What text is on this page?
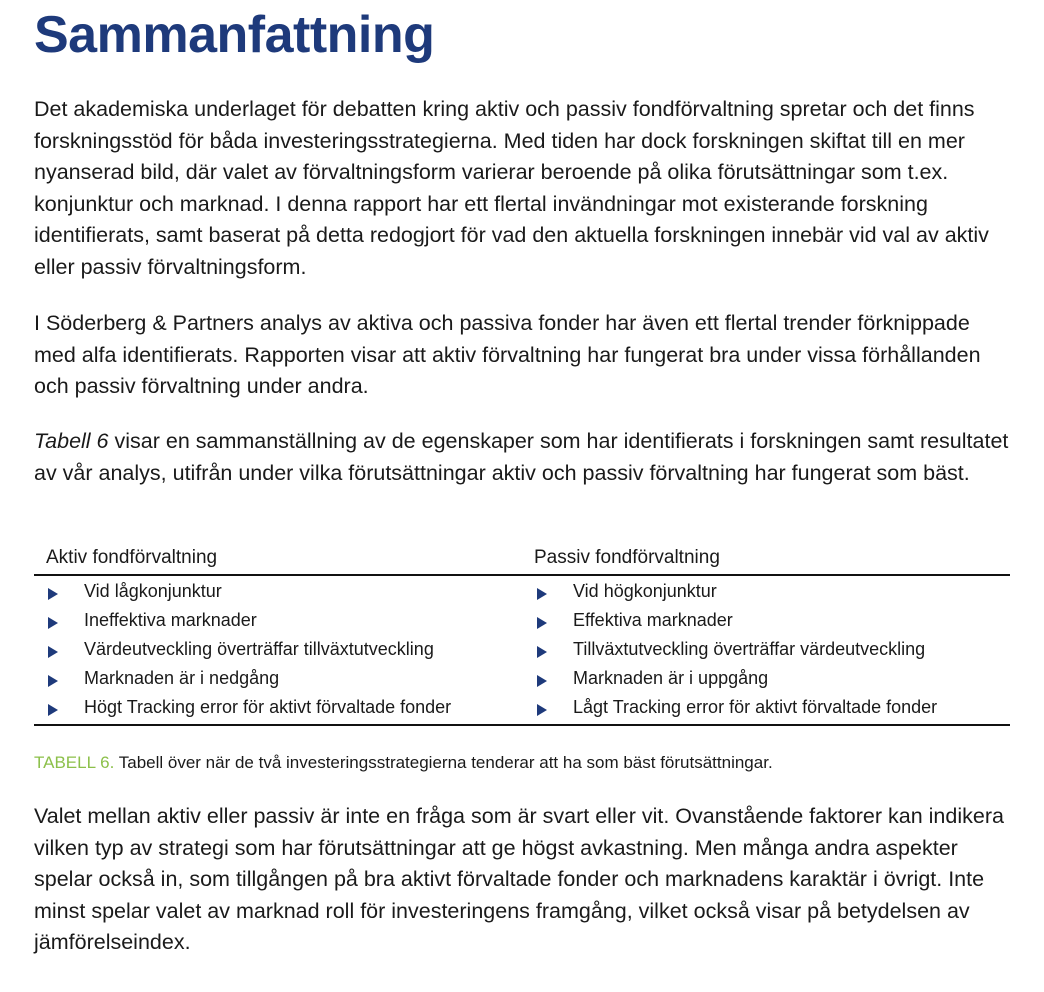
Sammanfattning

Det akademiska underlaget för debatten kring aktiv och passiv fondförvaltning spretar och det finns forskningsstöd för båda investeringsstrategierna. Med tiden har dock forskningen skiftat till en mer nyanserad bild, där valet av förvaltningsform varierar beroende på olika förutsättningar som t.ex. konjunktur och marknad. I denna rapport har ett flertal invändningar mot existerande forskning identifierats, samt baserat på detta redogjort för vad den aktuella forskningen innebär vid val av aktiv eller passiv förvaltningsform.

I Söderberg & Partners analys av aktiva och passiva fonder har även ett flertal trender förknippade med alfa identifierats. Rapporten visar att aktiv förvaltning har fungerat bra under vissa förhållanden och passiv förvaltning under andra.

Tabell 6 visar en sammanställning av de egenskaper som har identifierats i forskningen samt resultatet av vår analys, utifrån under vilka förutsättningar aktiv och passiv förvaltning har fungerat som bäst.

Aktiv fondförvaltning	Passiv fondförvaltning
Vid lågkonjunktur	Vid högkonjunktur
Ineffektiva marknader	Effektiva marknader
Värdeutveckling överträffar tillväxtutveckling	Tillväxtutveckling överträffar värdeutveckling
Marknaden är i nedgång	Marknaden är i uppgång
Högt Tracking error för aktivt förvaltade fonder	Lågt Tracking error för aktivt förvaltade fonder
TABELL 6. Tabell över när de två investeringsstrategierna tenderar att ha som bäst förutsättningar.

Valet mellan aktiv eller passiv är inte en fråga som är svart eller vit. Ovanstående faktorer kan indikera vilken typ av strategi som har förutsättningar att ge högst avkastning. Men många andra aspekter spelar också in, som tillgången på bra aktivt förvaltade fonder och marknadens karaktär i övrigt. Inte minst spelar valet av marknad roll för investeringens framgång, vilket också visar på betydelsen av jämförelseindex.
